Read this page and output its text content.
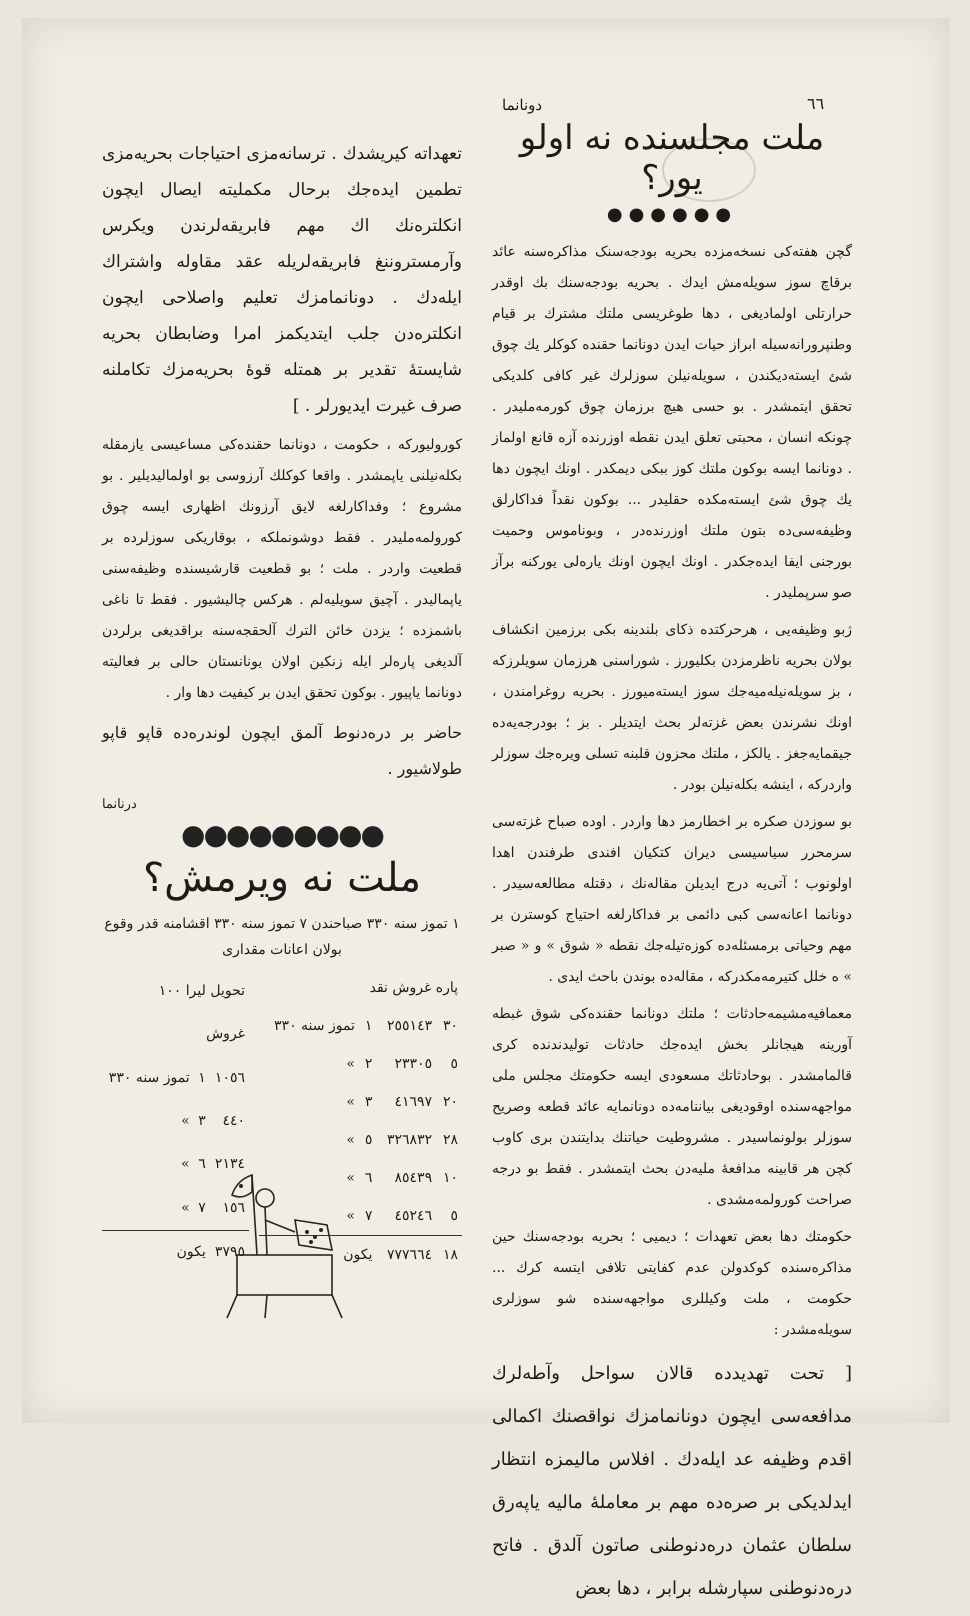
دونانما	٦٦
ملت مجلسنده نه اولو یور؟
●●●●●●

گچن هفته‌کی نسخه‌مزده بحریه بودجه‌سنک مذاکره‌سنه عائد برقاچ سوز سویله‌مش ایدك . بحریه بودجه‌سنك بك اوقدر حرارتلی اولمادیغی ، دها طوغریسی ملتك مشترك بر قیام وطنپرورانه‌سیله ابراز حیات ایدن دونانما حقنده کوکلر یك چوق شئ ایسته‌دیکندن ، سویله‌نیلن سوزلرك غیر کافی کلدیکی تحقق ایتمشدر . بو حسی هیچ برزمان چوق کورمه‌ملیدر . چونکه انسان ، محبتی تعلق ایدن نقطه اوزرنده آزه قانع اولماز . دونانما ایسه بوکون ملتك کوز ببکی دیمکدر . اونك ایچون دها یك چوق شئ ایسته‌مکده حقلیدر ... بوکون نقداً فداکارلق وظیفه‌سی‌ده بتون ملتك اوزرنده‌در ، وبوناموس وحمیت بورجنی ایفا ایده‌جکدر . اونك ایچون اونك یارەلی یورکنه برآز صو سرپملیدر .

ژبو وظیفه‌یی ، هرحرکتده ذکای بلندینه بکی برزمین انکشاف بولان بحریه ناظرمزدن بکلیورز . شوراسنی هرزمان سویلرزکه ، بز سویله‌نیله‌میه‌جك سوز ایسته‌میورز . بحریه روغرامندن ، اونك نشرندن بعض غزته‌لر بحث ایتدیلر . بز ؛ بودرجه‌یه‌ده جیقمایه‌جغز . یالکز ، ملتك محزون قلبنه تسلی ویره‌جك سوزلر واردرکه ، اینشه بکله‌نیلن بودر .

بو سوزدن صکره بر اخطارمز دها واردر . اوده صباح غزته‌سی سرمحرر سیاسیسی دیران کتکیان افندی طرفندن اهدا اولونوب ؛ آتی‌یه درج ایدیلن مقاله‌نك ، دقتله مطالعه‌سیدر . دونانما اعانه‌سی کبی دائمی بر فداکارلغه احتیاج کوسترن بر مهم وحیاتی برمسئله‌ده کوزه‌تیله‌جك نقطه « شوق » و « صبر » ه خلل کتیرمه‌مکدرکه ، مقاله‌ده بوندن باحث ایدی .

معمافیه‌مشیمه‌حادثات ؛ ملتك دونانما حقنده‌کی شوق غبطه آورینه هیجانلر بخش ایده‌جك حادثات تولیدندنده کری قالمامشدر . بوحادثاتك مسعودی ایسه حکومتك مجلس ملی مواجهه‌سنده اوقودیغی بیاننامه‌ده دونانمایه عائد قطعه وصریح سوزلر بولونماسیدر . مشروطیت حیاتنك بدایتندن بری کاوب کچن هر قابینه مدافعهٔ ملیه‌دن بحث ایتمشدر . فقط بو درجه صراحت کورولمه‌مشدی .

حکومتك دها بعض تعهدات ؛ دیمیی ؛ بحریه بودجه‌سنك حین مذاکره‌سنده کوکدولن عدم کفایتی تلافی ایتسه کرك ... حکومت ، ملت وکیللری مواجهه‌سنده شو سوزلری سویله‌مشدر :

[ تحت تهدیدده قالان سواحل وآطه‌لرك مدافعه‌سی ایچون دونانمامزك نواقصنك اکمالی اقدم وظیفه عد ایله‌دك . افلاس مالیمزه انتظار ایدلدیکی بر صره‌ده مهم بر معاملهٔ مالیه یاپه‌رق سلطان عثمان دره‌دنوطنی صاتون آلدق . فاتح دره‌دنوطنی سپارشله برابر ، دها بعض

تعهداته کیریشدك . ترسانه‌مزی احتیاجات بحریه‌مزی تطمین ایده‌جك برحال مکملیته ایصال ایچون انکلتره‌نك اك مهم فابریقه‌لرندن ویکرس وآرمستروننغ فابریقه‌لریله عقد مقاوله واشتراك ایله‌دك . دونانمامزك تعلیم واصلاحی ایچون انکلتره‌دن جلب ایتدیکمز امرا وضابطان بحریه شایستهٔ تقدیر بر همتله قوهٔ بحریه‌مزك تکاملنه صرف غیرت ایدیورلر . ]

کورولیورکه ، حکومت ، دونانما حقنده‌کی مساعیسی یازمقله بکله‌نیلنی یاپمشدر . واقعا کوکلك آرزوسی بو اولمالیدیلیر . بو مشروع ؛ وفداکارلغه لایق آرزونك اظهاری ایسه چوق کورولمه‌ملیدر . فقط دوشونملکه ، بوقاریکی سوزلرده بر قطعیت واردر . ملت ؛ بو قطعیت قارشیسنده وظیفه‌سنی یاپمالیدر . آچیق سویلیه‌لم . هرکس چالیشیور . فقط تا ناغی باشمزده ؛ یزدن خائن الترك آلحقجه‌سنه براقدیغی برلردن آلدیغی پارەلر ایله زنکین اولان یونانستان حالی بر فعالیته دونانما یاپیور . بوکون تحقق ایدن بر کیفیت دها وار .

حاضر بر دره‌دنوط آلمق ایچون لوندره‌ده قاپو قاپو طولاشیور .

درنانما
●●●●●●●●●
ملت نه ویرمش؟
١ تموز سنه ٣٣٠ صباحندن ٧ تموز سنه ٣٣٠ اقشامنه قدر وقوع بولان اعانات مقداری
پاره غروش نقد			
٣٠	٢٥٥١٤٣	١	تموز سنه ٣٣٠
٥	٢٣٣٠٥	٢	»
٢٠	٤١٦٩٧	٣	»
٢٨	٣٢٦٨٣٢	٥	»
١٠	٨٥٤٣٩	٦	»
٥	٤٥٢٤٦	٧	»
١٨	٧٧٧٦٦٤	یکون	
تحویل لیرا ١٠٠		
غروش		
١٠٥٦	١	تموز سنه ٣٣٠
٤٤٠	٣	»
٢١٣٤	٦	»
١٥٦	٧	»
٣٧٩٥	یکون	
